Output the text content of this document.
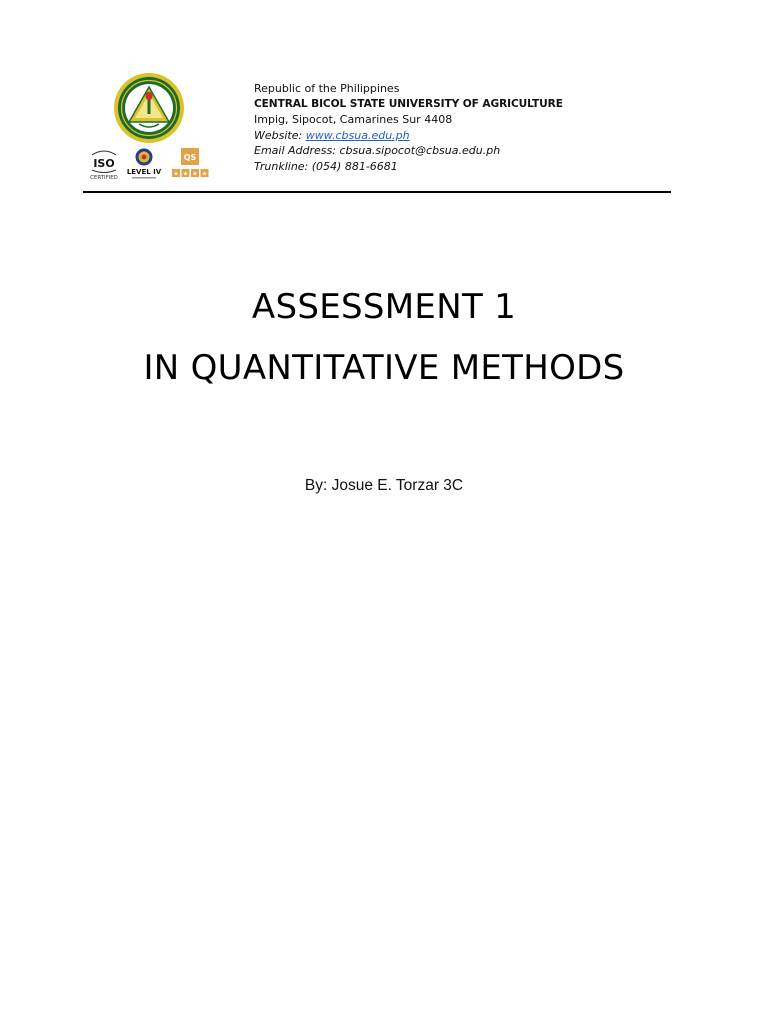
ISO
CERTIFIED
LEVEL IV
QS
★ ★ ★ ★
Republic of the Philippines
CENTRAL BICOL STATE UNIVERSITY OF AGRICULTURE
Impig, Sipocot, Camarines Sur 4408
Website: www.cbsua.edu.ph
Email Address: cbsua.sipocot@cbsua.edu.ph
Trunkline: (054) 881-6681
ASSESSMENT 1
IN QUANTITATIVE METHODS
By: Josue E. Torzar 3C
